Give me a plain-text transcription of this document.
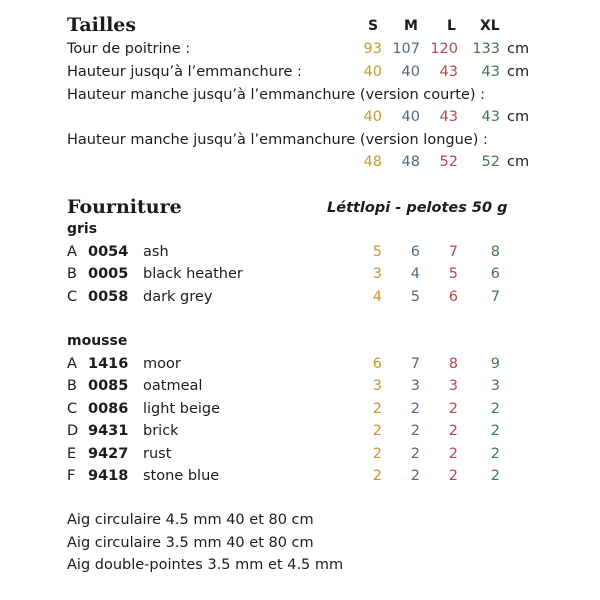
Tailles	S M L XL
Tour de poitrine :	93 107 120 133 cm
Hauteur jusqu’à l’emmanchure :	40	40	43	43 cm
Hauteur manche jusqu’à l’emmanchure (version courte) :
40	40	43	43 cm
Hauteur manche jusqu’à l’emmanchure (version longue) :
48	48	52	52 cm
Fourniture	Léttlopi - pelotes 50 g
gris
A 0054 ash	5	6	7	8
B 0005 black heather	3	4	5	6
C 0058 dark grey	4	5	6	7
mousse
A 1416 moor	6	7	8	9
B 0085 oatmeal	3	3	3	3
C 0086 light beige	2	2	2	2
D 9431 brick	2	2	2	2
E 9427 rust	2	2	2	2
F 9418 stone blue	2	2	2	2
Aig circulaire 4.5 mm 40 et 80 cm
Aig circulaire 3.5 mm 40 et 80 cm
Aig double-pointes 3.5 mm et 4.5 mm
